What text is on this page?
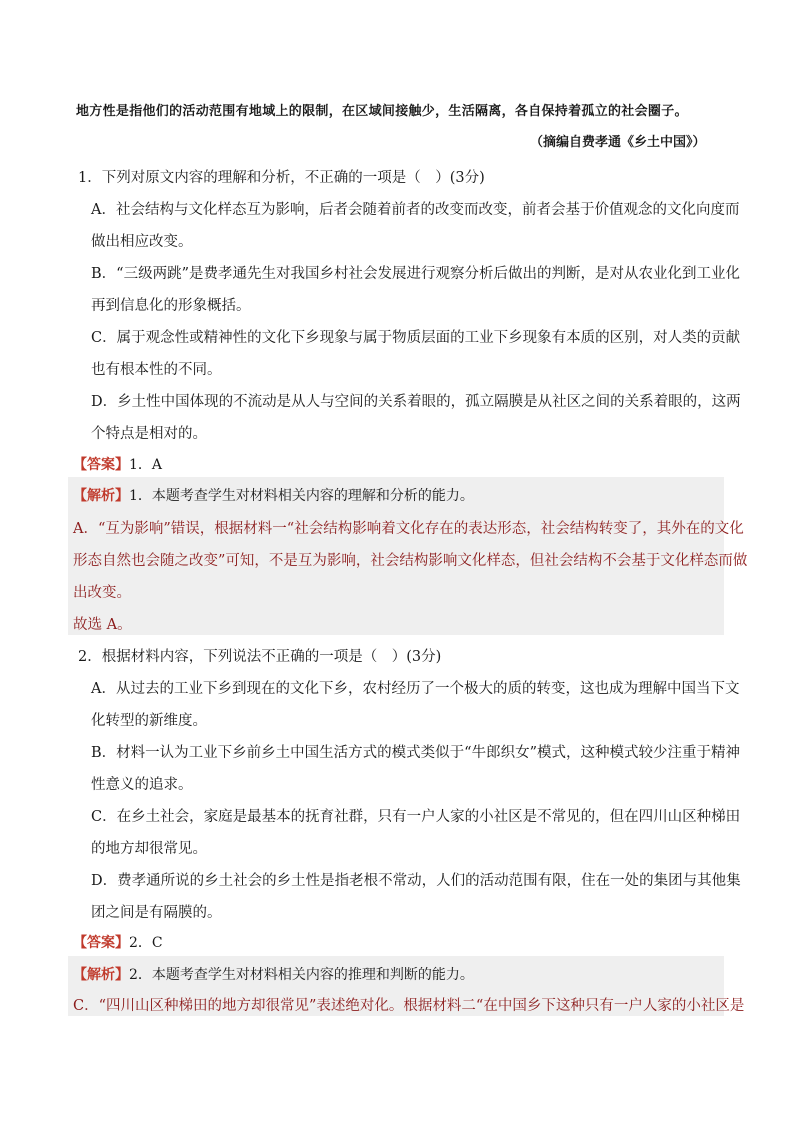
地方性是指他们的活动范围有地域上的限制，在区域间接触少，生活隔离，各自保持着孤立的社会圈子。
（摘编自费孝通《乡土中国》）
1．下列对原文内容的理解和分析，不正确的一项是（　）(3分)
A．社会结构与文化样态互为影响，后者会随着前者的改变而改变，前者会基于价值观念的文化向度而
做出相应改变。
B．“三级两跳”是费孝通先生对我国乡村社会发展进行观察分析后做出的判断，是对从农业化到工业化
再到信息化的形象概括。
C．属于观念性或精神性的文化下乡现象与属于物质层面的工业下乡现象有本质的区别，对人类的贡献
也有根本性的不同。
D．乡土性中国体现的不流动是从人与空间的关系着眼的，孤立隔膜是从社区之间的关系着眼的，这两
个特点是相对的。
【答案】1．A
【解析】1．本题考查学生对材料相关内容的理解和分析的能力。
A．“互为影响”错误，根据材料一“社会结构影响着文化存在的表达形态，社会结构转变了，其外在的文化
形态自然也会随之改变”可知，不是互为影响，社会结构影响文化样态，但社会结构不会基于文化样态而做
出改变。
故选 A。
2．根据材料内容，下列说法不正确的一项是（　）(3分)
A．从过去的工业下乡到现在的文化下乡，农村经历了一个极大的质的转变，这也成为理解中国当下文
化转型的新维度。
B．材料一认为工业下乡前乡土中国生活方式的模式类似于“牛郎织女”模式，这种模式较少注重于精神
性意义的追求。
C．在乡土社会，家庭是最基本的抚育社群，只有一户人家的小社区是不常见的，但在四川山区种梯田
的地方却很常见。
D．费孝通所说的乡土社会的乡土性是指老根不常动，人们的活动范围有限，住在一处的集团与其他集
团之间是有隔膜的。
【答案】2．C
【解析】2．本题考查学生对材料相关内容的推理和判断的能力。
C．“四川山区种梯田的地方却很常见”表述绝对化。根据材料二“在中国乡下这种只有一户人家的小社区是
